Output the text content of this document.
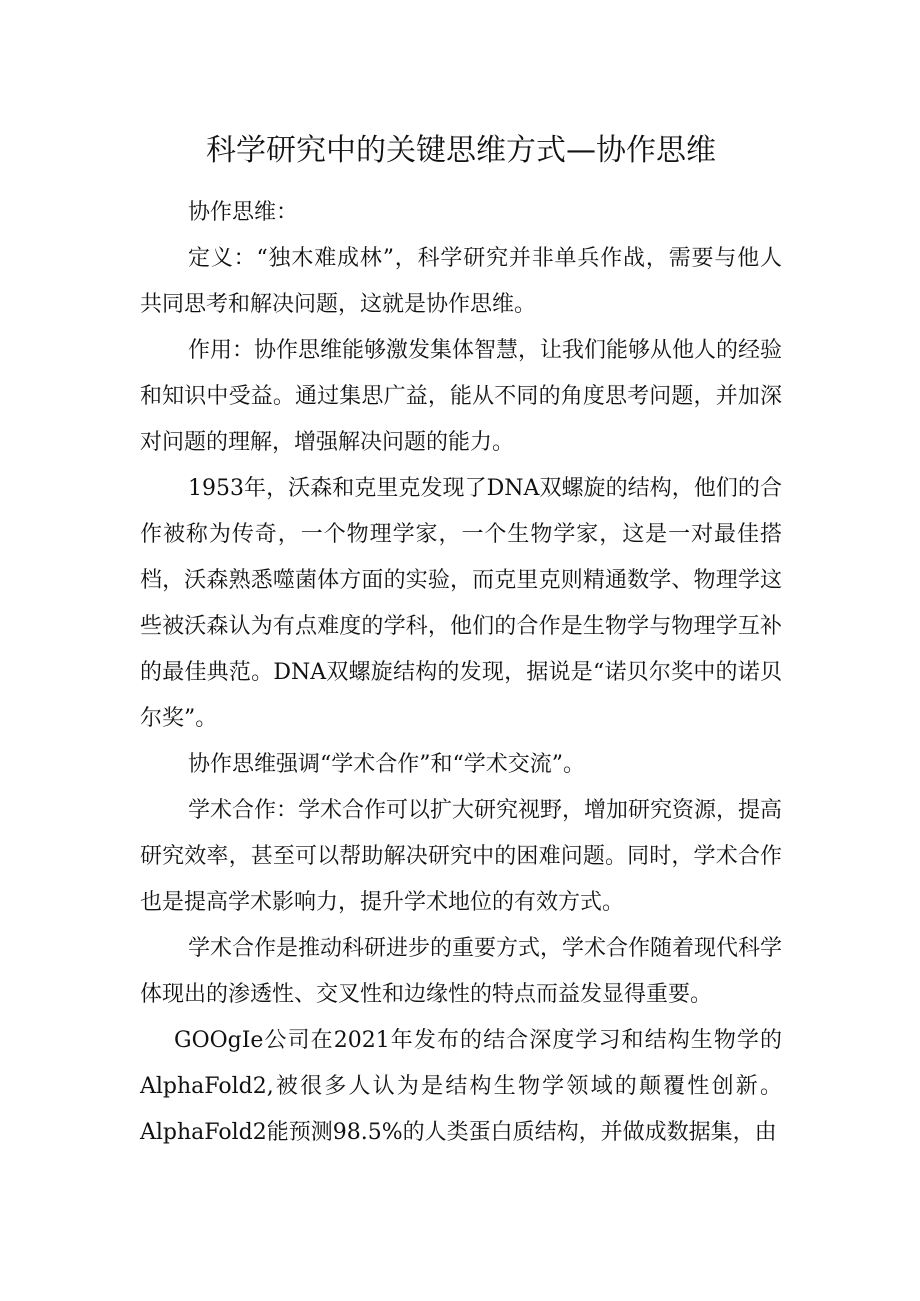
科学研究中的关键思维方式—协作思维

协作思维：

定义：“独木难成林”，科学研究并非单兵作战，需要与他人共同思考和解决问题，这就是协作思维。

作用：协作思维能够激发集体智慧，让我们能够从他人的经验和知识中受益。通过集思广益，能从不同的角度思考问题，并加深对问题的理解，增强解决问题的能力。

1953年，沃森和克里克发现了DNA双螺旋的结构，他们的合作被称为传奇，一个物理学家，一个生物学家，这是一对最佳搭档，沃森熟悉噬菌体方面的实验，而克里克则精通数学、物理学这些被沃森认为有点难度的学科，他们的合作是生物学与物理学互补的最佳典范。DNA双螺旋结构的发现，据说是“诺贝尔奖中的诺贝尔奖”。

协作思维强调“学术合作”和“学术交流”。

学术合作：学术合作可以扩大研究视野，增加研究资源，提高研究效率，甚至可以帮助解决研究中的困难问题。同时，学术合作也是提高学术影响力，提升学术地位的有效方式。

学术合作是推动科研进步的重要方式，学术合作随着现代科学体现出的渗透性、交叉性和边缘性的特点而益发显得重要。

GOOgIe公司在2021年发布的结合深度学习和结构生物学的AlphaFold2,被很多人认为是结构生物学领域的颠覆性创新。AlphaFold2能预测98.5%的人类蛋白质结构，并做成数据集，由
